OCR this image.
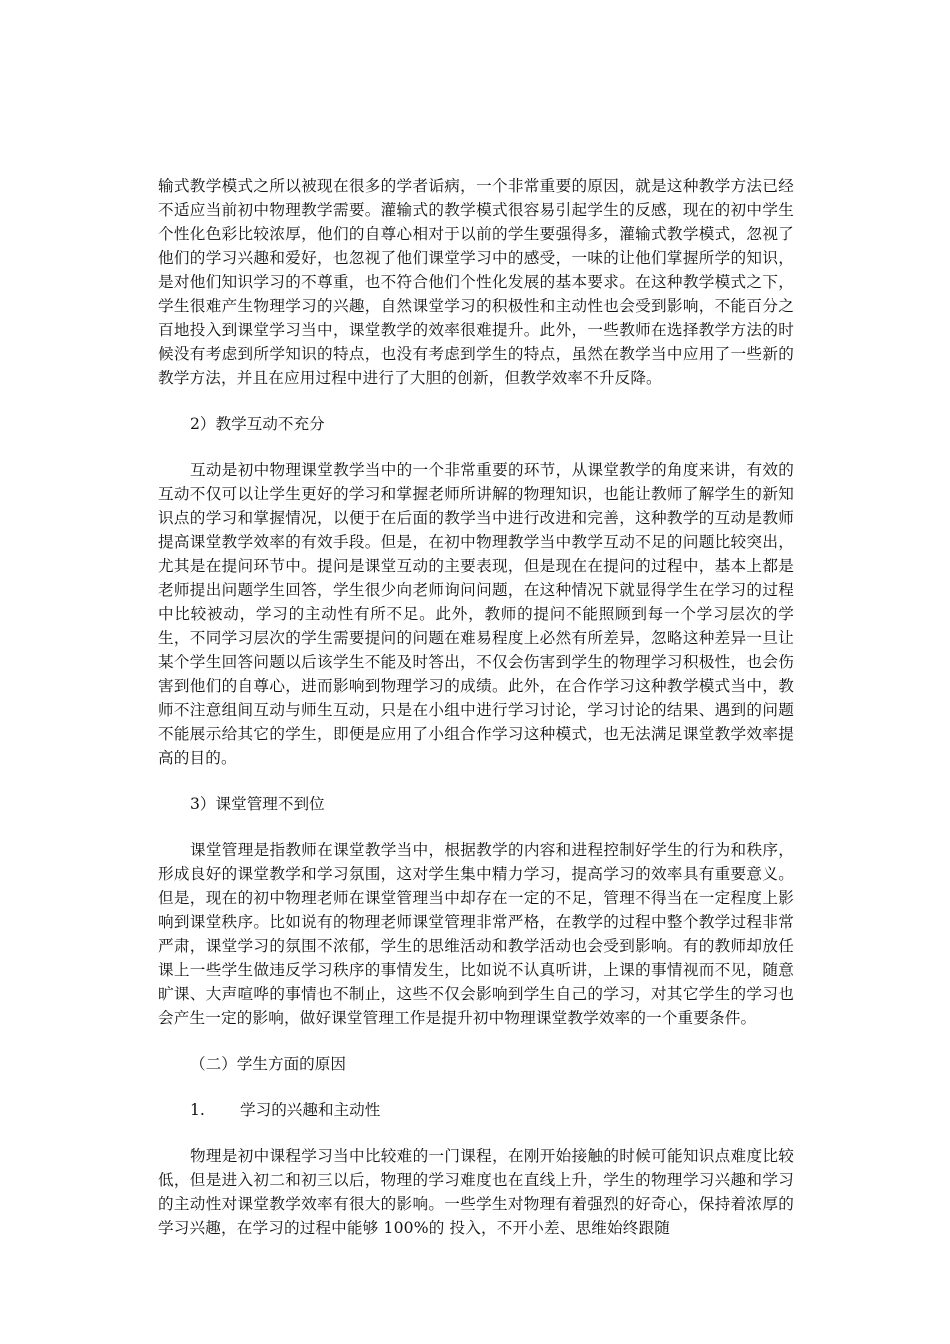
输式教学模式之所以被现在很多的学者诟病，一个非常重要的原因，就是这种教学方法已经不适应当前初中物理教学需要。灌输式的教学模式很容易引起学生的反感，现在的初中学生个性化色彩比较浓厚，他们的自尊心相对于以前的学生要强得多，灌输式教学模式，忽视了他们的学习兴趣和爱好，也忽视了他们课堂学习中的感受，一味的让他们掌握所学的知识，是对他们知识学习的不尊重，也不符合他们个性化发展的基本要求。在这种教学模式之下，学生很难产生物理学习的兴趣，自然课堂学习的积极性和主动性也会受到影响，不能百分之百地投入到课堂学习当中，课堂教学的效率很难提升。此外，一些教师在选择教学方法的时候没有考虑到所学知识的特点，也没有考虑到学生的特点，虽然在教学当中应用了一些新的教学方法，并且在应用过程中进行了大胆的创新，但教学效率不升反降。

2）教学互动不充分

互动是初中物理课堂教学当中的一个非常重要的环节，从课堂教学的角度来讲，有效的互动不仅可以让学生更好的学习和掌握老师所讲解的物理知识，也能让教师了解学生的新知识点的学习和掌握情况，以便于在后面的教学当中进行改进和完善，这种教学的互动是教师提高课堂教学效率的有效手段。但是，在初中物理教学当中教学互动不足的问题比较突出，尤其是在提问环节中。提问是课堂互动的主要表现，但是现在在提问的过程中，基本上都是老师提出问题学生回答，学生很少向老师询问问题，在这种情况下就显得学生在学习的过程中比较被动，学习的主动性有所不足。此外，教师的提问不能照顾到每一个学习层次的学生，不同学习层次的学生需要提问的问题在难易程度上必然有所差异，忽略这种差异一旦让某个学生回答问题以后该学生不能及时答出，不仅会伤害到学生的物理学习积极性，也会伤害到他们的自尊心，进而影响到物理学习的成绩。此外，在合作学习这种教学模式当中，教师不注意组间互动与师生互动，只是在小组中进行学习讨论，学习讨论的结果、遇到的问题不能展示给其它的学生，即便是应用了小组合作学习这种模式，也无法满足课堂教学效率提高的目的。

3）课堂管理不到位

课堂管理是指教师在课堂教学当中，根据教学的内容和进程控制好学生的行为和秩序，形成良好的课堂教学和学习氛围，这对学生集中精力学习，提高学习的效率具有重要意义。但是，现在的初中物理老师在课堂管理当中却存在一定的不足，管理不得当在一定程度上影响到课堂秩序。比如说有的物理老师课堂管理非常严格，在教学的过程中整个教学过程非常严肃，课堂学习的氛围不浓郁，学生的思维活动和教学活动也会受到影响。有的教师却放任课上一些学生做违反学习秩序的事情发生，比如说不认真听讲，上课的事情视而不见，随意旷课、大声喧哗的事情也不制止，这些不仅会影响到学生自己的学习，对其它学生的学习也会产生一定的影响，做好课堂管理工作是提升初中物理课堂教学效率的一个重要条件。

（二）学生方面的原因

1. 学习的兴趣和主动性

物理是初中课程学习当中比较难的一门课程，在刚开始接触的时候可能知识点难度比较低，但是进入初二和初三以后，物理的学习难度也在直线上升，学生的物理学习兴趣和学习的主动性对课堂教学效率有很大的影响。一些学生对物理有着强烈的好奇心，保持着浓厚的学习兴趣，在学习的过程中能够 100%的 投入，不开小差、思维始终跟随
